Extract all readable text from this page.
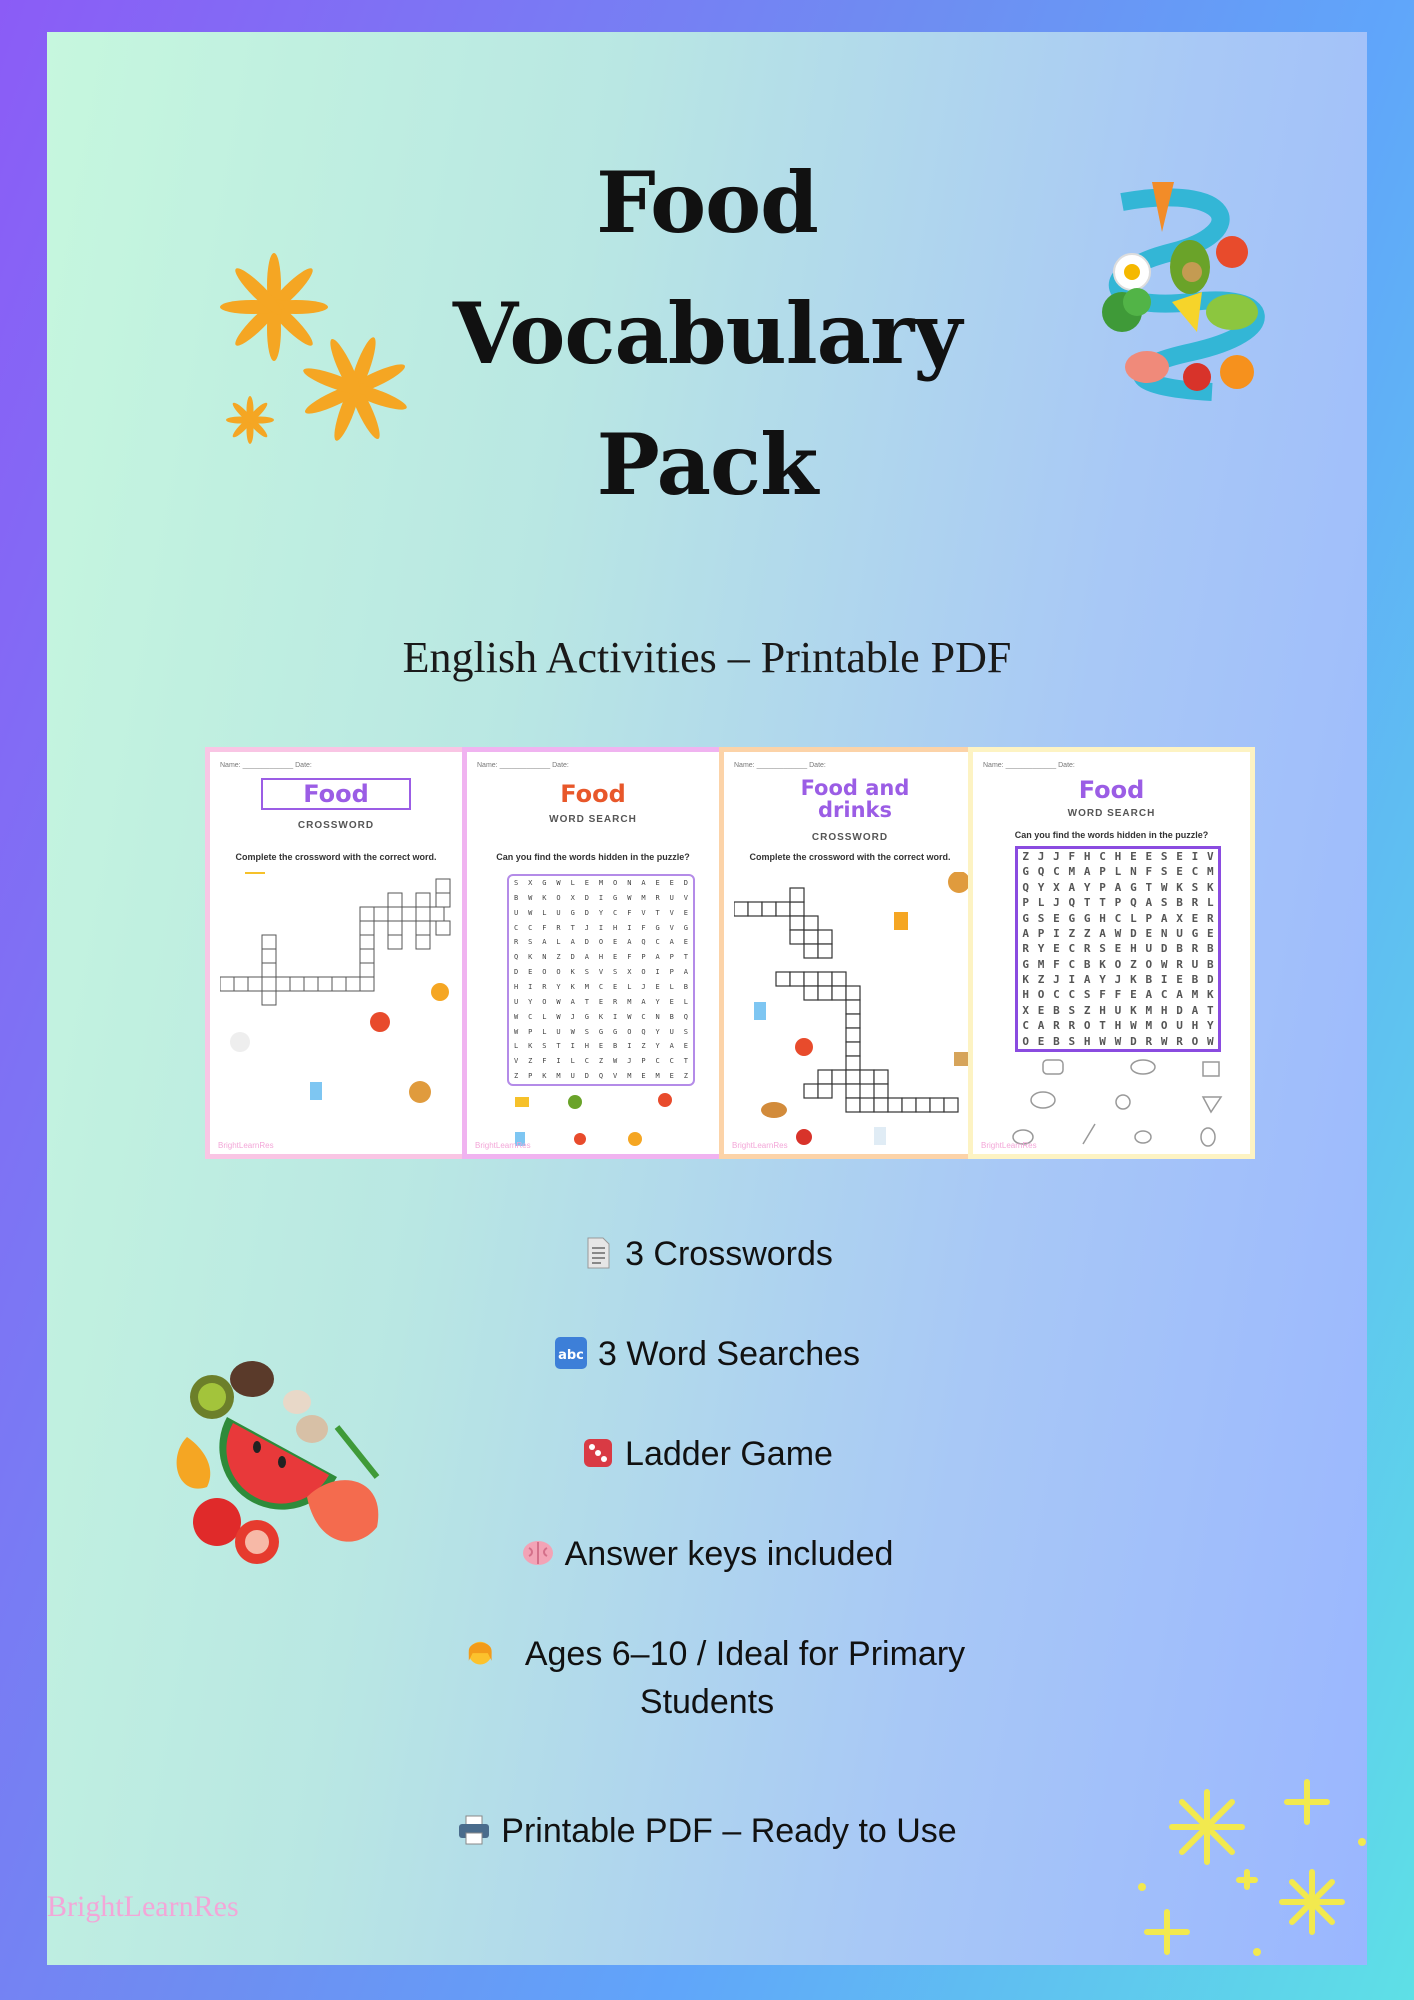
Food
Vocabulary
Pack
English Activities – Printable PDF
Name: _____________ Date:
Food
CROSSWORD
Complete the crossword with the correct word.
BrightLearnRes
Name: _____________ Date:
Food
WORD SEARCH
Can you find the words hidden in the puzzle?
S	X	G	W	L	E	M	O	N	A	E	E	D
B	W	K	O	X	D	I	G	W	M	R	U	V
U	W	L	U	G	D	Y	C	F	V	T	V	E
C	C	F	R	T	J	I	H	I	F	G	V	G
R	S	A	L	A	D	O	E	A	Q	C	A	E
Q	K	N	Z	D	A	H	E	F	P	A	P	T
D	E	O	O	K	S	V	S	X	O	I	P	A
H	I	R	Y	K	M	C	E	L	J	E	L	B
U	Y	O	W	A	T	E	R	M	A	Y	E	L
W	C	L	W	J	G	K	I	W	C	N	B	Q
W	P	L	U	W	S	G	G	O	Q	Y	U	S
L	K	S	T	I	H	E	B	I	Z	Y	A	E
V	Z	F	I	L	C	Z	W	J	P	C	C	T
Z	P	K	M	U	D	Q	V	M	E	M	E	Z
BrightLearnRes
Name: _____________ Date:
Food and drinks
CROSSWORD
Complete the crossword with the correct word.
BrightLearnRes
Name: _____________ Date:
Food
WORD SEARCH
Can you find the words hidden in the puzzle?
Z J J F H C H E E S E I V
G Q C M A P L N F S E C M
Q Y X A Y P A G T W K S K
P L J Q T T P Q A S B R L
G S E G G H C L P A X E R
A P I Z Z A W D E N U G E
R Y E C R S E H U D B R B
G M F C B K O Z O W R U B
K Z J I A Y J K B I E B D
H O C C S F F E A C A M K
X E B S Z H U K M H D A T
C A R R O T H W M O U H Y
O E B S H W W D R W R O W
BrightLearnRes
3 Crosswords
abc 3 Word Searches
Ladder Game
Answer keys included
Ages 6–10 / Ideal for Primary
Students
Printable PDF – Ready to Use
BrightLearnRes
